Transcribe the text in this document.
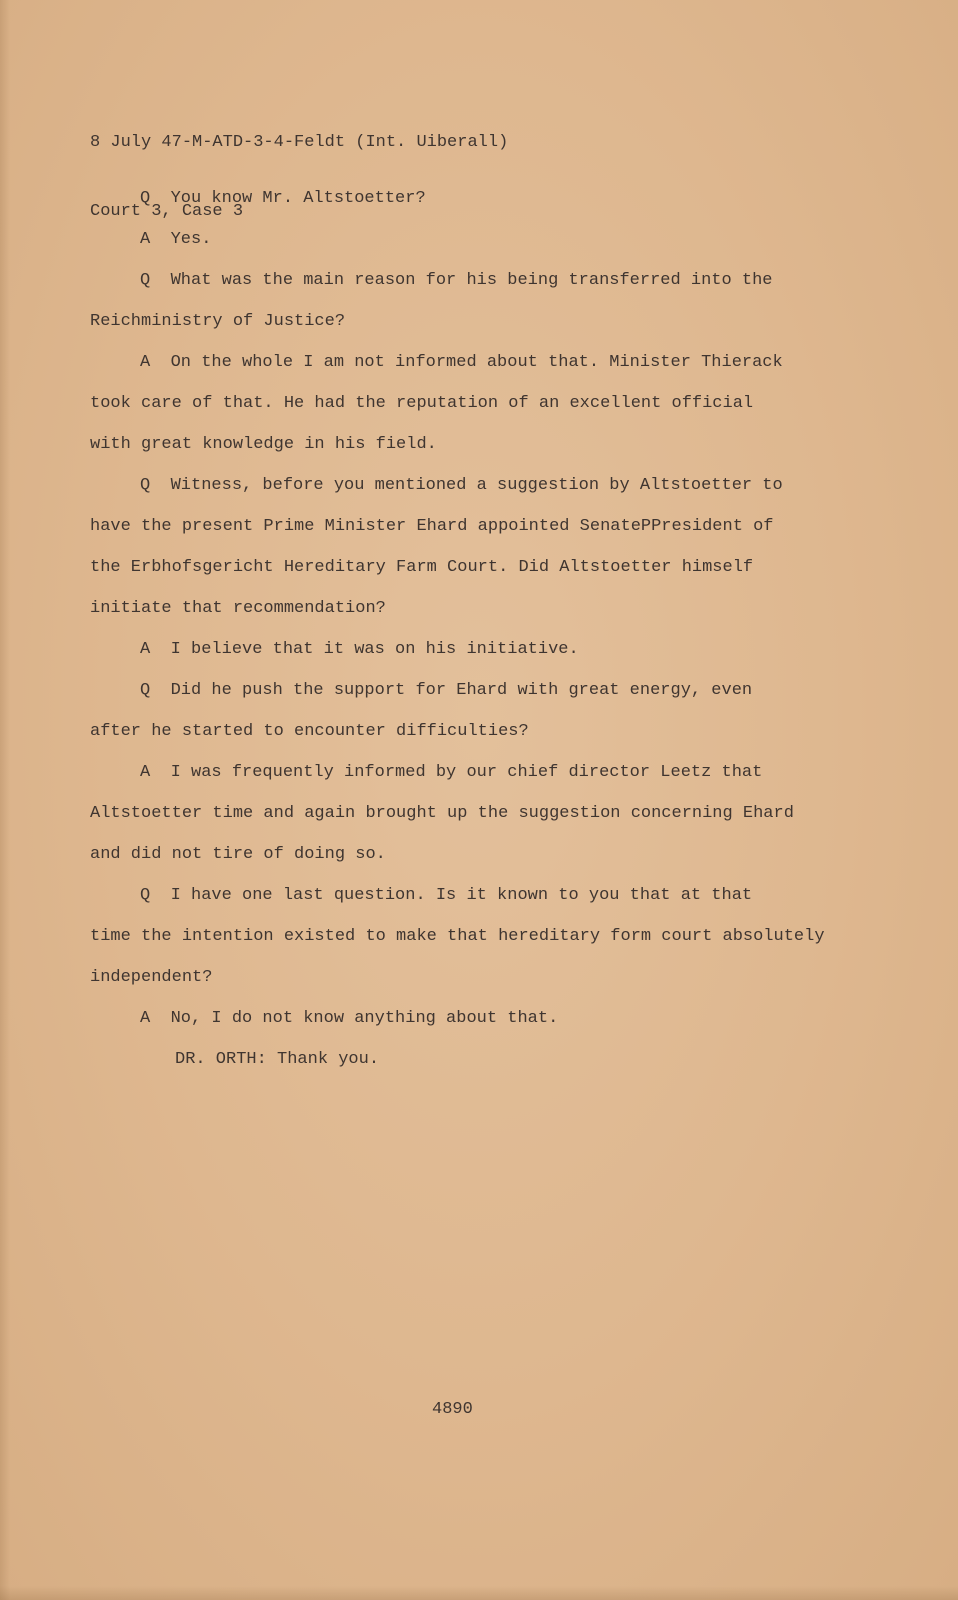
8 July 47-M-ATD-3-4-Feldt (Int. Uiberall)

Court 3, Case 3

Q  You know Mr. Altstoetter?
A  Yes.
Q  What was the main reason for his being transferred into the
Reichministry of Justice?
A  On the whole I am not informed about that. Minister Thierack
took care of that. He had the reputation of an excellent official
with great knowledge in his field.
Q  Witness, before you mentioned a suggestion by Altstoetter to
have the present Prime Minister Ehard appointed SenatePPresident of
the Erbhofsgericht Hereditary Farm Court. Did Altstoetter himself
initiate that recommendation?
A  I believe that it was on his initiative.
Q  Did he push the support for Ehard with great energy, even
after he started to encounter difficulties?
A  I was frequently informed by our chief director Leetz that
Altstoetter time and again brought up the suggestion concerning Ehard
and did not tire of doing so.
Q  I have one last question. Is it known to you that at that
time the intention existed to make that hereditary form court absolutely
independent?
A  No, I do not know anything about that.
DR. ORTH: Thank you.
4890
